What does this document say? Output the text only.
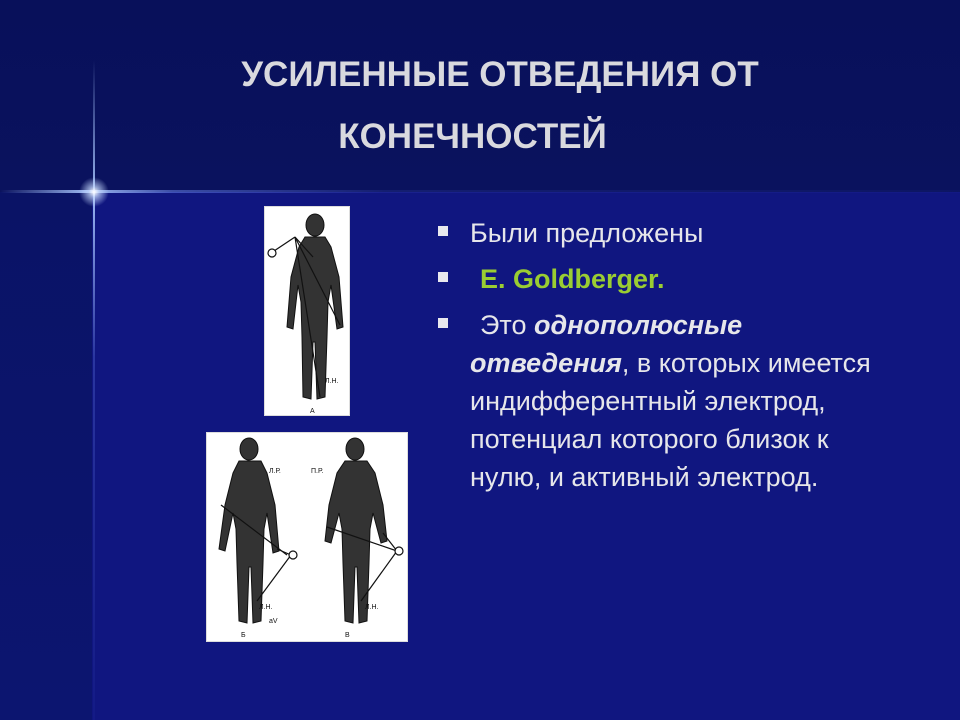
УСИЛЕННЫЕ ОТВЕДЕНИЯ ОТ
КОНЕЧНОСТЕЙ
Л.Н.
А
Л.Р.
Л.Н.
aV
Б
П.Р.
Л.Н.
В
Были предложены
E. Goldberger.
Это однополюсные отведения, в которых имеется индифферентный электрод, потенциал которого близок к нулю, и активный электрод.
